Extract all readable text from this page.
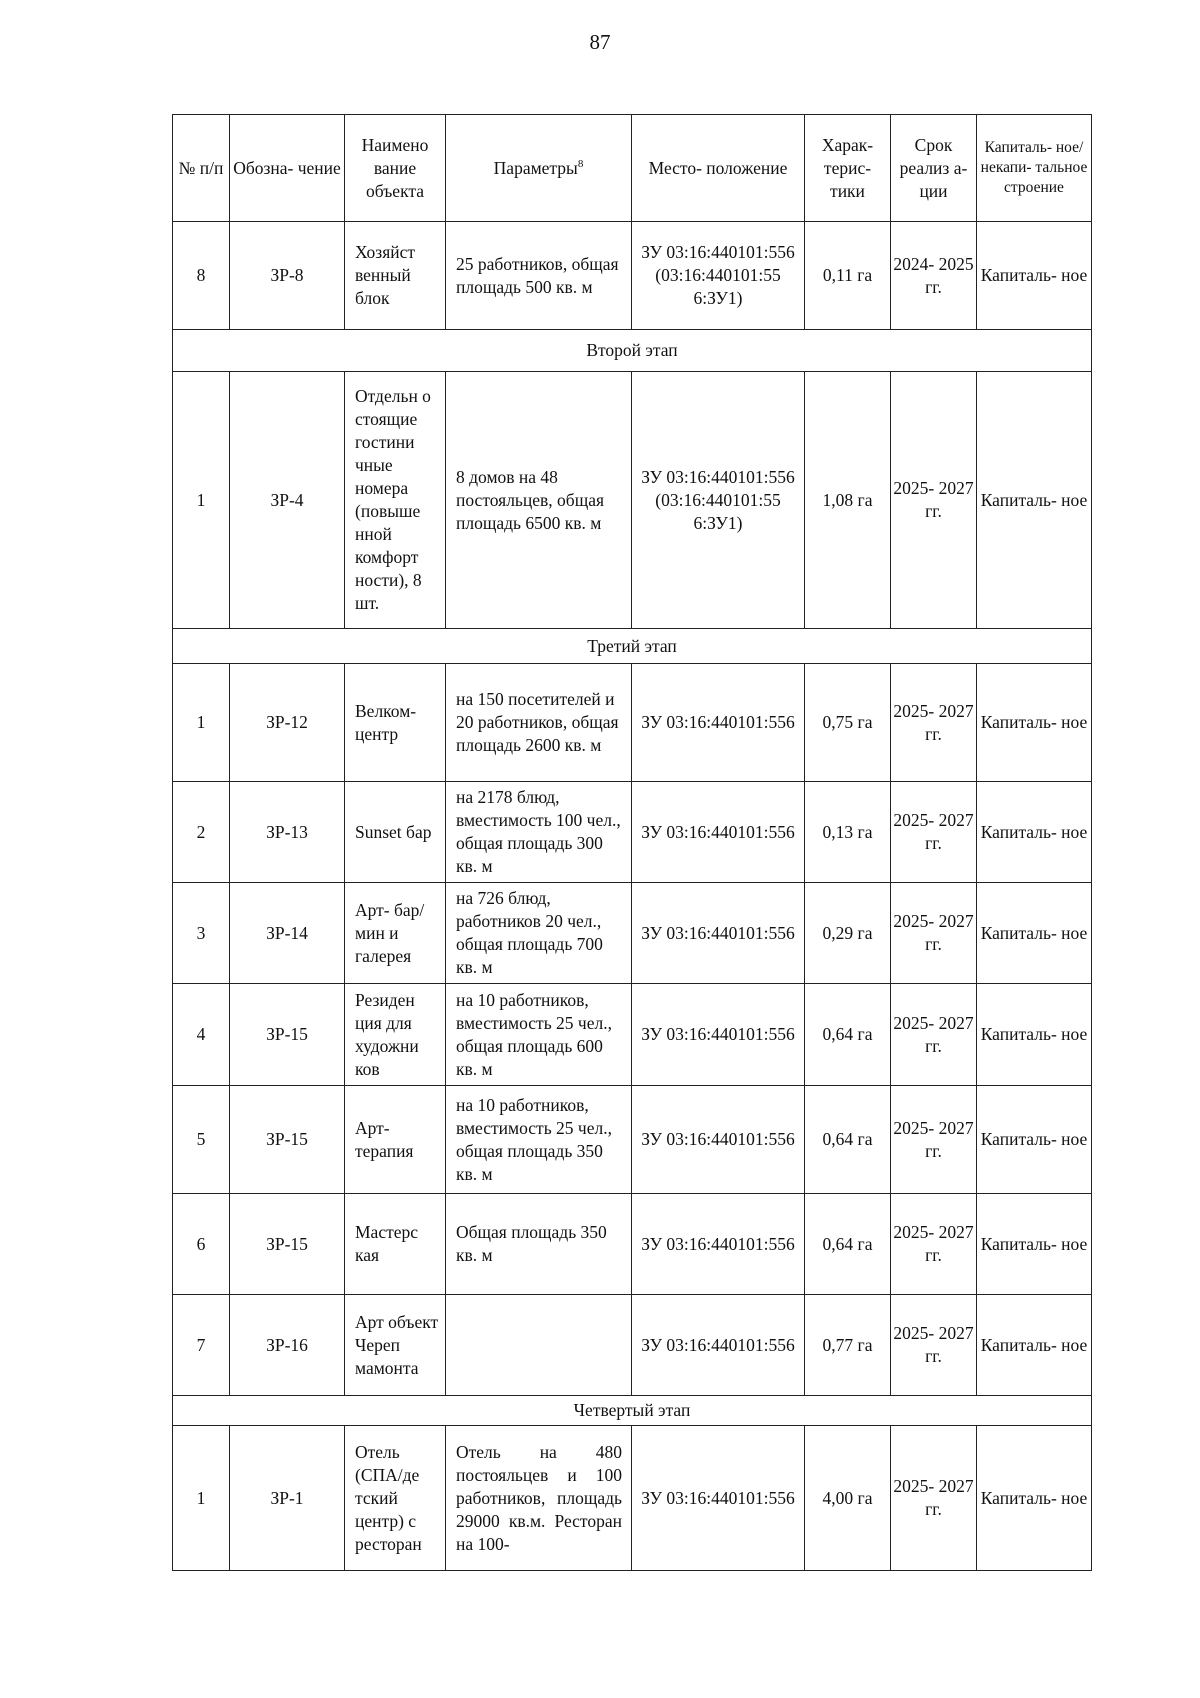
87
№ п/п	Обозна- чение	Наимено вание объекта	Параметры$^8$	Место- положение	Харак- терис- тики	Срок реализ а-ции	Капиталь- ное/ некапи- тальное строение
8	ЗР-8	Хозяйст венный блок	25 работников, общая площадь 500 кв. м	ЗУ 03:16:440101:556 (03:16:440101:55 6:ЗУ1)	0,11 га	2024- 2025 гг.	Капиталь- ное
Второй этап							
1	ЗР-4	Отдельн о стоящие гостини чные номера (повыше нной комфорт ности), 8 шт.	8 домов на 48 постояльцев, общая площадь 6500 кв. м	ЗУ 03:16:440101:556 (03:16:440101:55 6:ЗУ1)	1,08 га	2025- 2027 гг.	Капиталь- ное
Третий этап							
1	ЗР-12	Велком- центр	на 150 посетителей и 20 работников, общая площадь 2600 кв. м	ЗУ 03:16:440101:556	0,75 га	2025- 2027 гг.	Капиталь- ное
2	ЗР-13	Sunset бар	на 2178 блюд, вместимость 100 чел., общая площадь 300 кв. м	ЗУ 03:16:440101:556	0,13 га	2025- 2027 гг.	Капиталь- ное
3	ЗР-14	Арт- бар/мин и галерея	на 726 блюд, работников 20 чел., общая площадь 700 кв. м	ЗУ 03:16:440101:556	0,29 га	2025- 2027 гг.	Капиталь- ное
4	ЗР-15	Резиден ция для художни ков	на 10 работников, вместимость 25 чел., общая площадь 600 кв. м	ЗУ 03:16:440101:556	0,64 га	2025- 2027 гг.	Капиталь- ное
5	ЗР-15	Арт- терапия	на 10 работников, вместимость 25 чел., общая площадь 350 кв. м	ЗУ 03:16:440101:556	0,64 га	2025- 2027 гг.	Капиталь- ное
6	ЗР-15	Мастерс кая	Общая площадь 350 кв. м	ЗУ 03:16:440101:556	0,64 га	2025- 2027 гг.	Капиталь- ное
7	ЗР-16	Арт объект Череп мамонта		ЗУ 03:16:440101:556	0,77 га	2025- 2027 гг.	Капиталь- ное
Четвертый этап							
1	ЗР-1	Отель (СПА/де тский центр) с ресторан	Отель на 480 постояльцев и 100 работников, площадь 29000 кв.м. Ресторан на 100-	ЗУ 03:16:440101:556	4,00 га	2025- 2027 гг.	Капиталь- ное
